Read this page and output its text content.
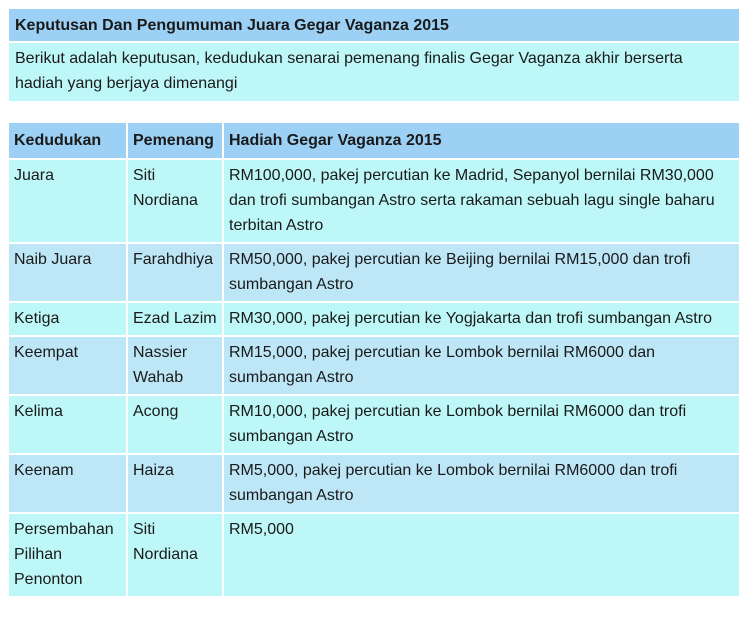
Keputusan Dan Pengumuman Juara Gegar Vaganza 2015
Berikut adalah keputusan, kedudukan senarai pemenang finalis Gegar Vaganza akhir berserta hadiah yang berjaya dimenangi
Kedudukan	Pemenang	Hadiah Gegar Vaganza 2015
Juara	Siti Nordiana	RM100,000, pakej percutian ke Madrid, Sepanyol bernilai RM30,000 dan trofi sumbangan Astro serta rakaman sebuah lagu single baharu terbitan Astro
Naib Juara	Farahdhiya	RM50,000, pakej percutian ke Beijing bernilai RM15,000 dan trofi sumbangan Astro
Ketiga	Ezad Lazim	RM30,000, pakej percutian ke Yogjakarta dan trofi sumbangan Astro
Keempat	Nassier Wahab	RM15,000, pakej percutian ke Lombok bernilai RM6000 dan sumbangan Astro
Kelima	Acong	RM10,000, pakej percutian ke Lombok bernilai RM6000 dan trofi sumbangan Astro
Keenam	Haiza	RM5,000, pakej percutian ke Lombok bernilai RM6000 dan trofi sumbangan Astro
Persembahan Pilihan Penonton	Siti Nordiana	RM5,000
